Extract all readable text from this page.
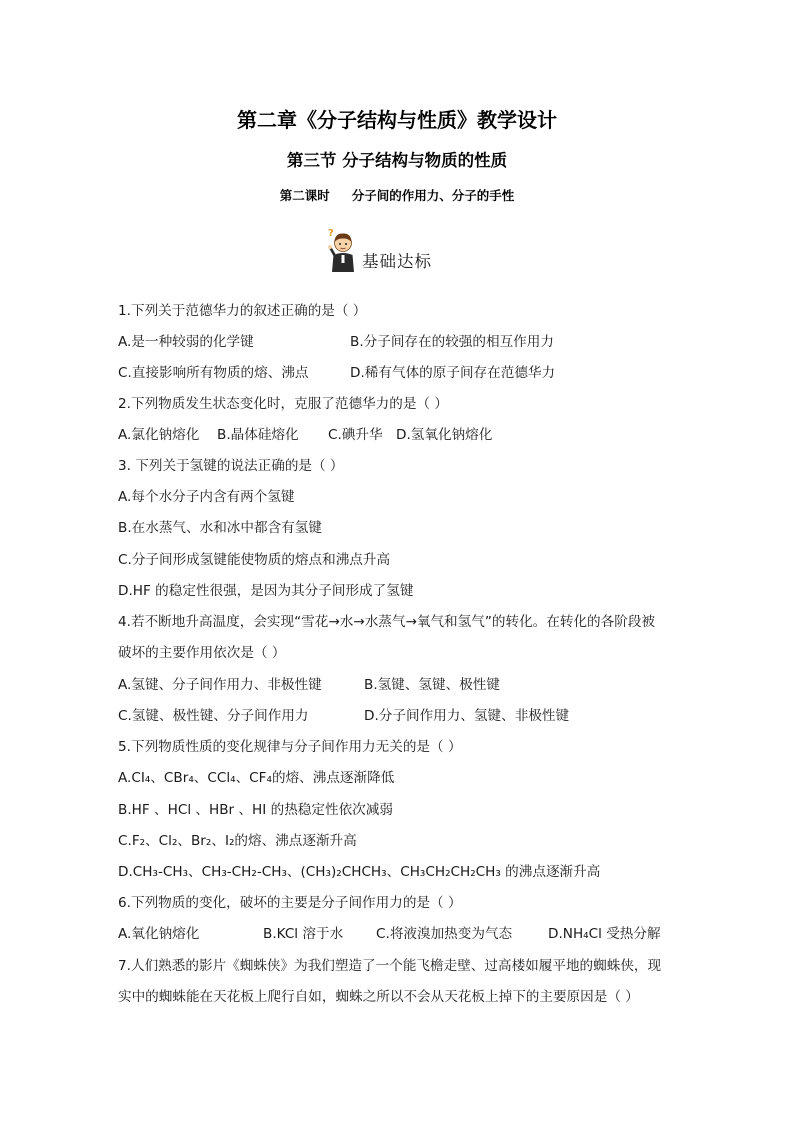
第二章《分子结构与性质》教学设计
第三节 分子结构与物质的性质
第二课时 分子间的作用力、分子的手性
?
基础达标
1.下列关于范德华力的叙述正确的是（ ）
A.是一种较弱的化学键	B.分子间存在的较强的相互作用力
C.直接影响所有物质的熔、沸点	D.稀有气体的原子间存在范德华力
2.下列物质发生状态变化时，克服了范德华力的是（ ）
A.氯化钠熔化 B.晶体硅熔化 C.碘升华 D.氢氧化钠熔化
3. 下列关于氢键的说法正确的是（ ）
A.每个水分子内含有两个氢键
B.在水蒸气、水和冰中都含有氢键
C.分子间形成氢键能使物质的熔点和沸点升高
D.HF 的稳定性很强，是因为其分子间形成了氢键
4.若不断地升高温度，会实现“雪花→水→水蒸气→氧气和氢气”的转化。在转化的各阶段被
破坏的主要作用依次是（ ）
A.氢键、分子间作用力、非极性键	B.氢键、氢键、极性键
C.氢键、极性键、分子间作用力	D.分子间作用力、氢键、非极性键
5.下列物质性质的变化规律与分子间作用力无关的是（ ）
A.CI₄、CBr₄、CCl₄、CF₄的熔、沸点逐渐降低
B.HF 、HCl 、HBr 、HI 的热稳定性依次减弱
C.F₂、Cl₂、Br₂、I₂的熔、沸点逐渐升高
D.CH₃-CH₃、CH₃-CH₂-CH₃、(CH₃)₂CHCH₃、CH₃CH₂CH₂CH₃ 的沸点逐渐升高
6.下列物质的变化，破坏的主要是分子间作用力的是（ ）
A.氧化钠熔化	B.KCl 溶于水 C.将液溴加热变为气态	D.NH₄Cl 受热分解
7.人们熟悉的影片《蜘蛛侠》为我们塑造了一个能飞檐走壁、过高楼如履平地的蜘蛛侠，现
实中的蜘蛛能在天花板上爬行自如，蜘蛛之所以不会从天花板上掉下的主要原因是（ ）
